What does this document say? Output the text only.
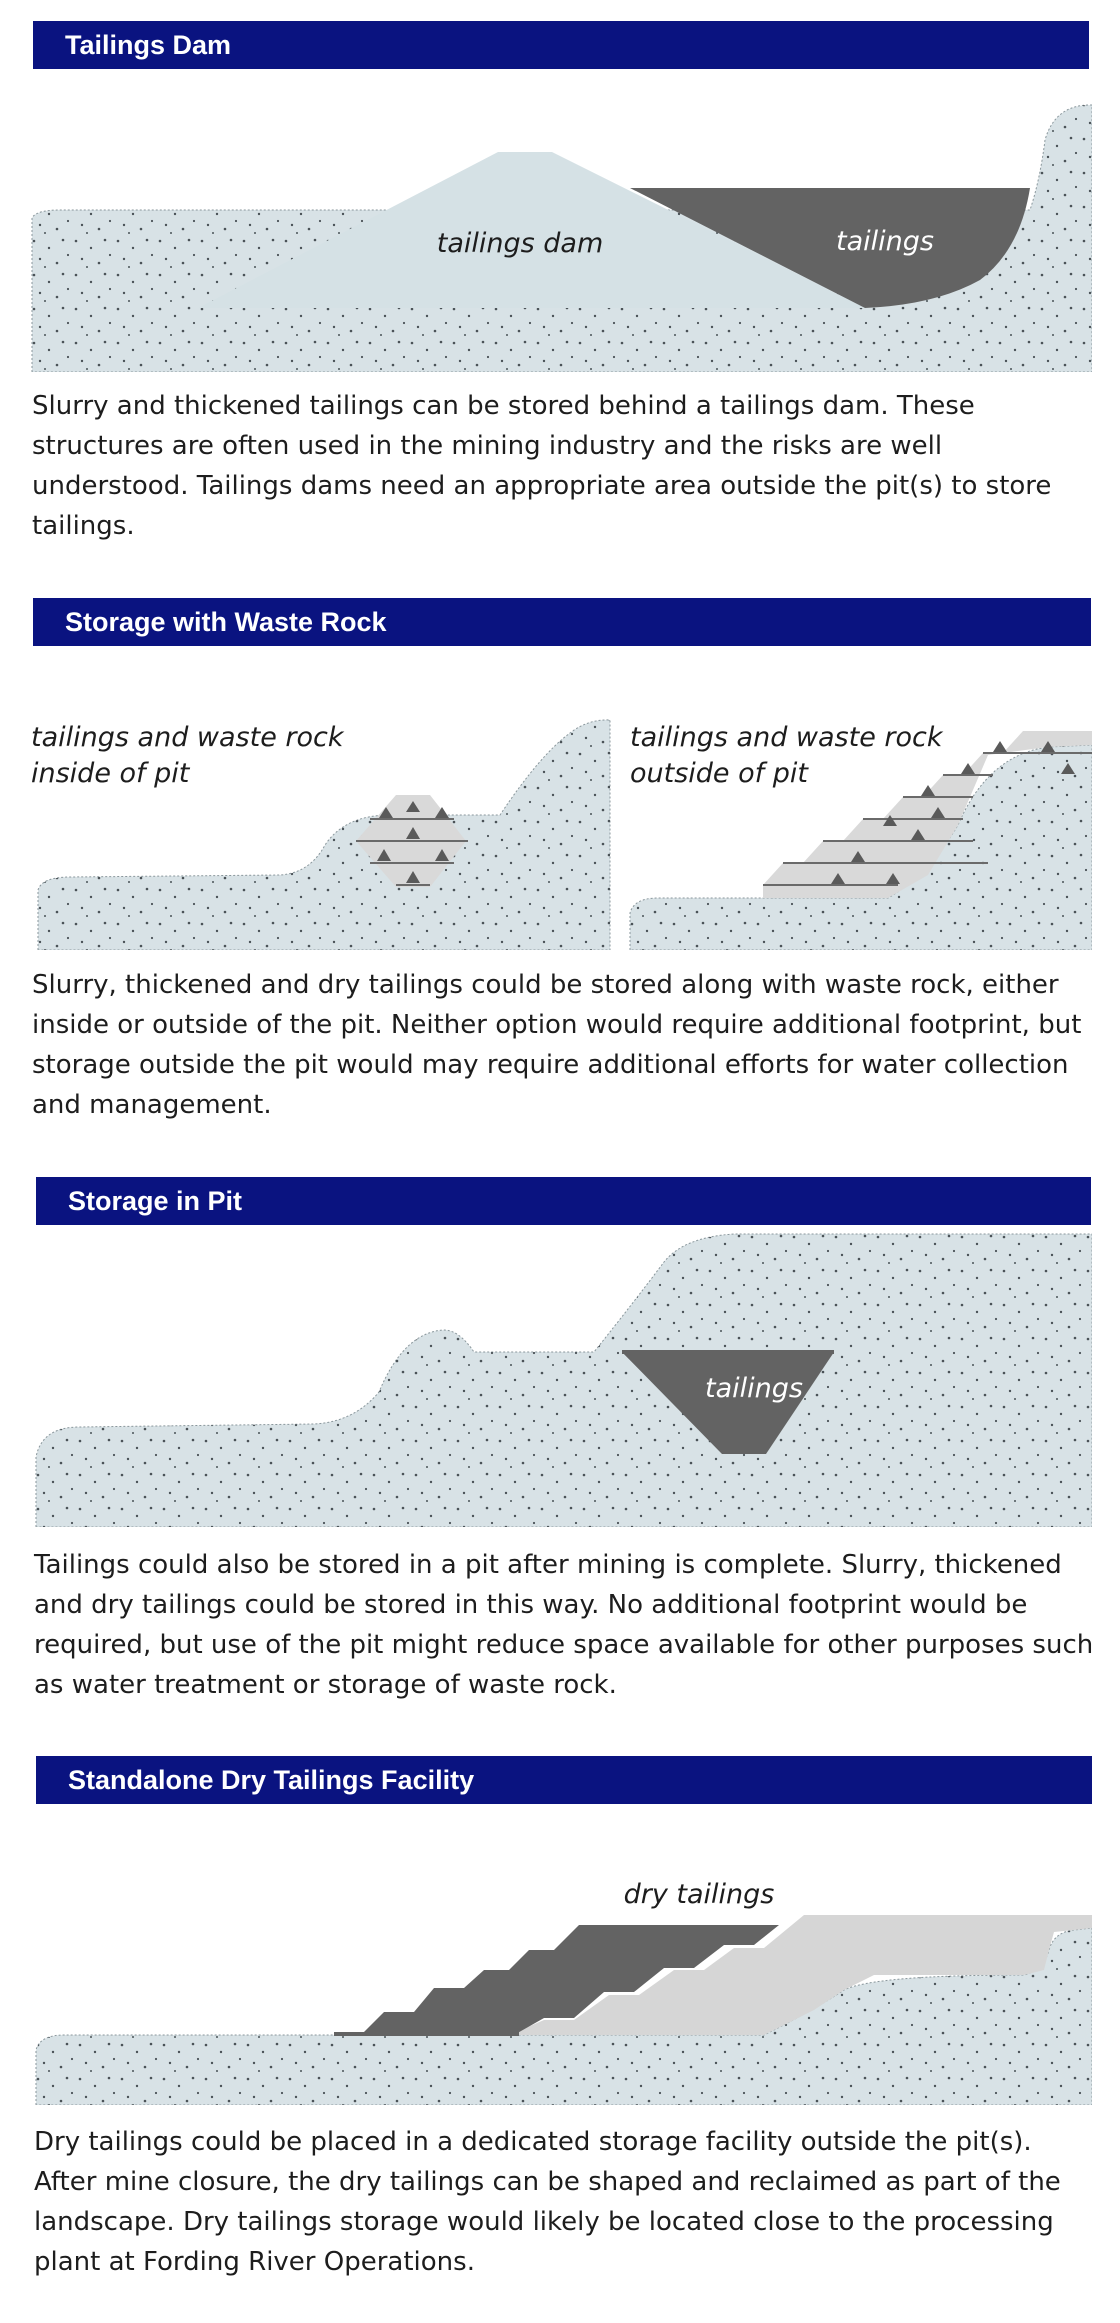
Tailings Dam
tailings dam	tailings
Slurry and thickened tailings can be stored behind a tailings dam. These structures are often used in the mining industry and the risks are well understood. Tailings dams need an appropriate area outside the pit(s) to store tailings.
Storage with Waste Rock
tailings and waste rock
inside of pit
tailings and waste rock
outside of pit
Slurry, thickened and dry tailings could be stored along with waste rock, either inside or outside of the pit. Neither option would require additional footprint, but storage outside the pit would may require additional efforts for water collection and management.
Storage in Pit
tailings
Tailings could also be stored in a pit after mining is complete. Slurry, thickened and dry tailings could be stored in this way. No additional footprint would be required, but use of the pit might reduce space available for other purposes such as water treatment or storage of waste rock.
Standalone Dry Tailings Facility
dry tailings
Dry tailings could be placed in a dedicated storage facility outside the pit(s). After mine closure, the dry tailings can be shaped and reclaimed as part of the landscape. Dry tailings storage would likely be located close to the processing plant at Fording River Operations.
